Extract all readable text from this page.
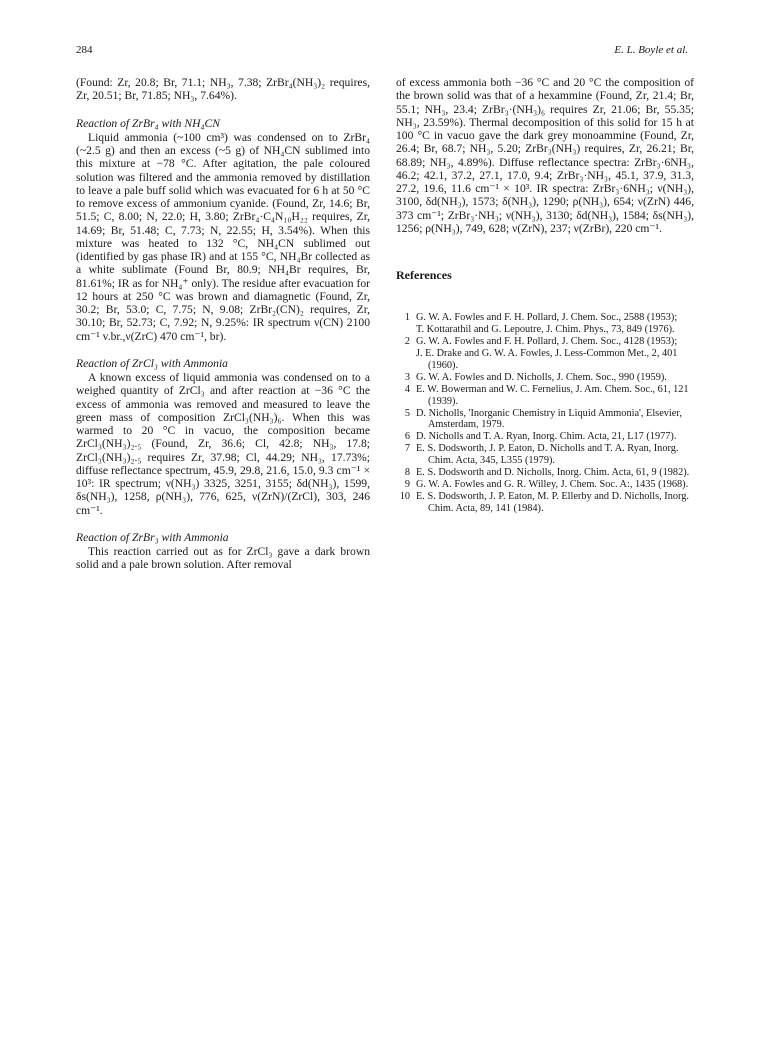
284	E. L. Boyle et al.

(Found: Zr, 20.8; Br, 71.1; NH₃, 7.38; ZrBr₄(NH₃)₂ requires, Zr, 20.51; Br, 71.85; NH₃, 7.64%).

Reaction of ZrBr₄ with NH₄CN

Liquid ammonia (~100 cm³) was condensed on to ZrBr₄ (~2.5 g) and then an excess (~5 g) of NH₄CN sublimed into this mixture at −78 °C. After agitation, the pale coloured solution was filtered and the ammonia removed by distillation to leave a pale buff solid which was evacuated for 6 h at 50 °C to remove excess of ammonium cyanide. (Found, Zr, 14.6; Br, 51.5; C, 8.00; N, 22.0; H, 3.80; ZrBr₄·C₄N₁₀H₂₂ requires, Zr, 14.69; Br, 51.48; C, 7.73; N, 22.55; H, 3.54%). When this mixture was heated to 132 °C, NH₄CN sublimed out (identified by gas phase IR) and at 155 °C, NH₄Br collected as a white sublimate (Found Br, 80.9; NH₄Br requires, Br, 81.61%; IR as for NH₄⁺ only). The residue after evacuation for 12 hours at 250 °C was brown and diamagnetic (Found, Zr, 30.2; Br, 53.0; C, 7.75; N, 9.08; ZrBr₂(CN)₂ requires, Zr, 30.10; Br, 52.73; C, 7.92; N, 9.25%: IR spectrum ν(CN) 2100 cm⁻¹ v.br.,ν(ZrC) 470 cm⁻¹, br).

Reaction of ZrCl₃ with Ammonia

A known excess of liquid ammonia was condensed on to a weighed quantity of ZrCl₃ and after reaction at −36 °C the excess of ammonia was removed and measured to leave the green mass of composition ZrCl₃(NH₃)₆. When this was warmed to 20 °C in vacuo, the composition became ZrCl₃(NH₃)₂.₅ (Found, Zr, 36.6; Cl, 42.8; NH₃, 17.8; ZrCl₃(NH₃)₂.₅ requires Zr, 37.98; Cl, 44.29; NH₃, 17.73%; diffuse reflectance spectrum, 45.9, 29.8, 21.6, 15.0, 9.3 cm⁻¹ × 10³: IR spectrum; ν(NH₃) 3325, 3251, 3155; δd(NH₃), 1599, δs(NH₃), 1258, ρ(NH₃), 776, 625, ν(ZrN)/(ZrCl), 303, 246 cm⁻¹.

Reaction of ZrBr₃ with Ammonia

This reaction carried out as for ZrCl₃ gave a dark brown solid and a pale brown solution. After removal

of excess ammonia both −36 °C and 20 °C the composition of the brown solid was that of a hexammine (Found, Zr, 21.4; Br, 55.1; NH₃, 23.4; ZrBr₃·(NH₃)₆ requires Zr, 21.06; Br, 55.35; NH₃, 23.59%). Thermal decomposition of this solid for 15 h at 100 °C in vacuo gave the dark grey monoammine (Found, Zr, 26.4; Br, 68.7; NH₃, 5.20; ZrBr₃(NH₃) requires, Zr, 26.21; Br, 68.89; NH₃, 4.89%). Diffuse reflectance spectra: ZrBr₃·6NH₃, 46.2; 42.1, 37.2, 27.1, 17.0, 9.4; ZrBr₃·NH₃, 45.1, 37.9, 31.3, 27.2, 19.6, 11.6 cm⁻¹ × 10³. IR spectra: ZrBr₃·6NH₃; ν(NH₃), 3100, δd(NH₃), 1573; δ(NH₃), 1290; ρ(NH₃), 654; ν(ZrN) 446, 373 cm⁻¹; ZrBr₃·NH₃; ν(NH₃), 3130; δd(NH₃), 1584; δs(NH₃), 1256; ρ(NH₃), 749, 628; ν(ZrN), 237; ν(ZrBr), 220 cm⁻¹.

References
1 G. W. A. Fowles and F. H. Pollard, J. Chem. Soc., 2588 (1953);
T. Kottarathil and G. Lepoutre, J. Chim. Phys., 73, 849 (1976).
2 G. W. A. Fowles and F. H. Pollard, J. Chem. Soc., 4128 (1953);
J. E. Drake and G. W. A. Fowles, J. Less-Common Met., 2, 401 (1960).
3 G. W. A. Fowles and D. Nicholls, J. Chem. Soc., 990 (1959).
4 E. W. Bowerman and W. C. Fernelius, J. Am. Chem. Soc., 61, 121 (1939).
5 D. Nicholls, 'Inorganic Chemistry in Liquid Ammonia', Elsevier, Amsterdam, 1979.
6 D. Nicholls and T. A. Ryan, Inorg. Chim. Acta, 21, L17 (1977).
7 E. S. Dodsworth, J. P. Eaton, D. Nicholls and T. A. Ryan, Inorg. Chim. Acta, 345, L355 (1979).
8 E. S. Dodsworth and D. Nicholls, Inorg. Chim. Acta, 61, 9 (1982).
9 G. W. A. Fowles and G. R. Willey, J. Chem. Soc. A:, 1435 (1968).
10 E. S. Dodsworth, J. P. Eaton, M. P. Ellerby and D. Nicholls, Inorg. Chim. Acta, 89, 141 (1984).
